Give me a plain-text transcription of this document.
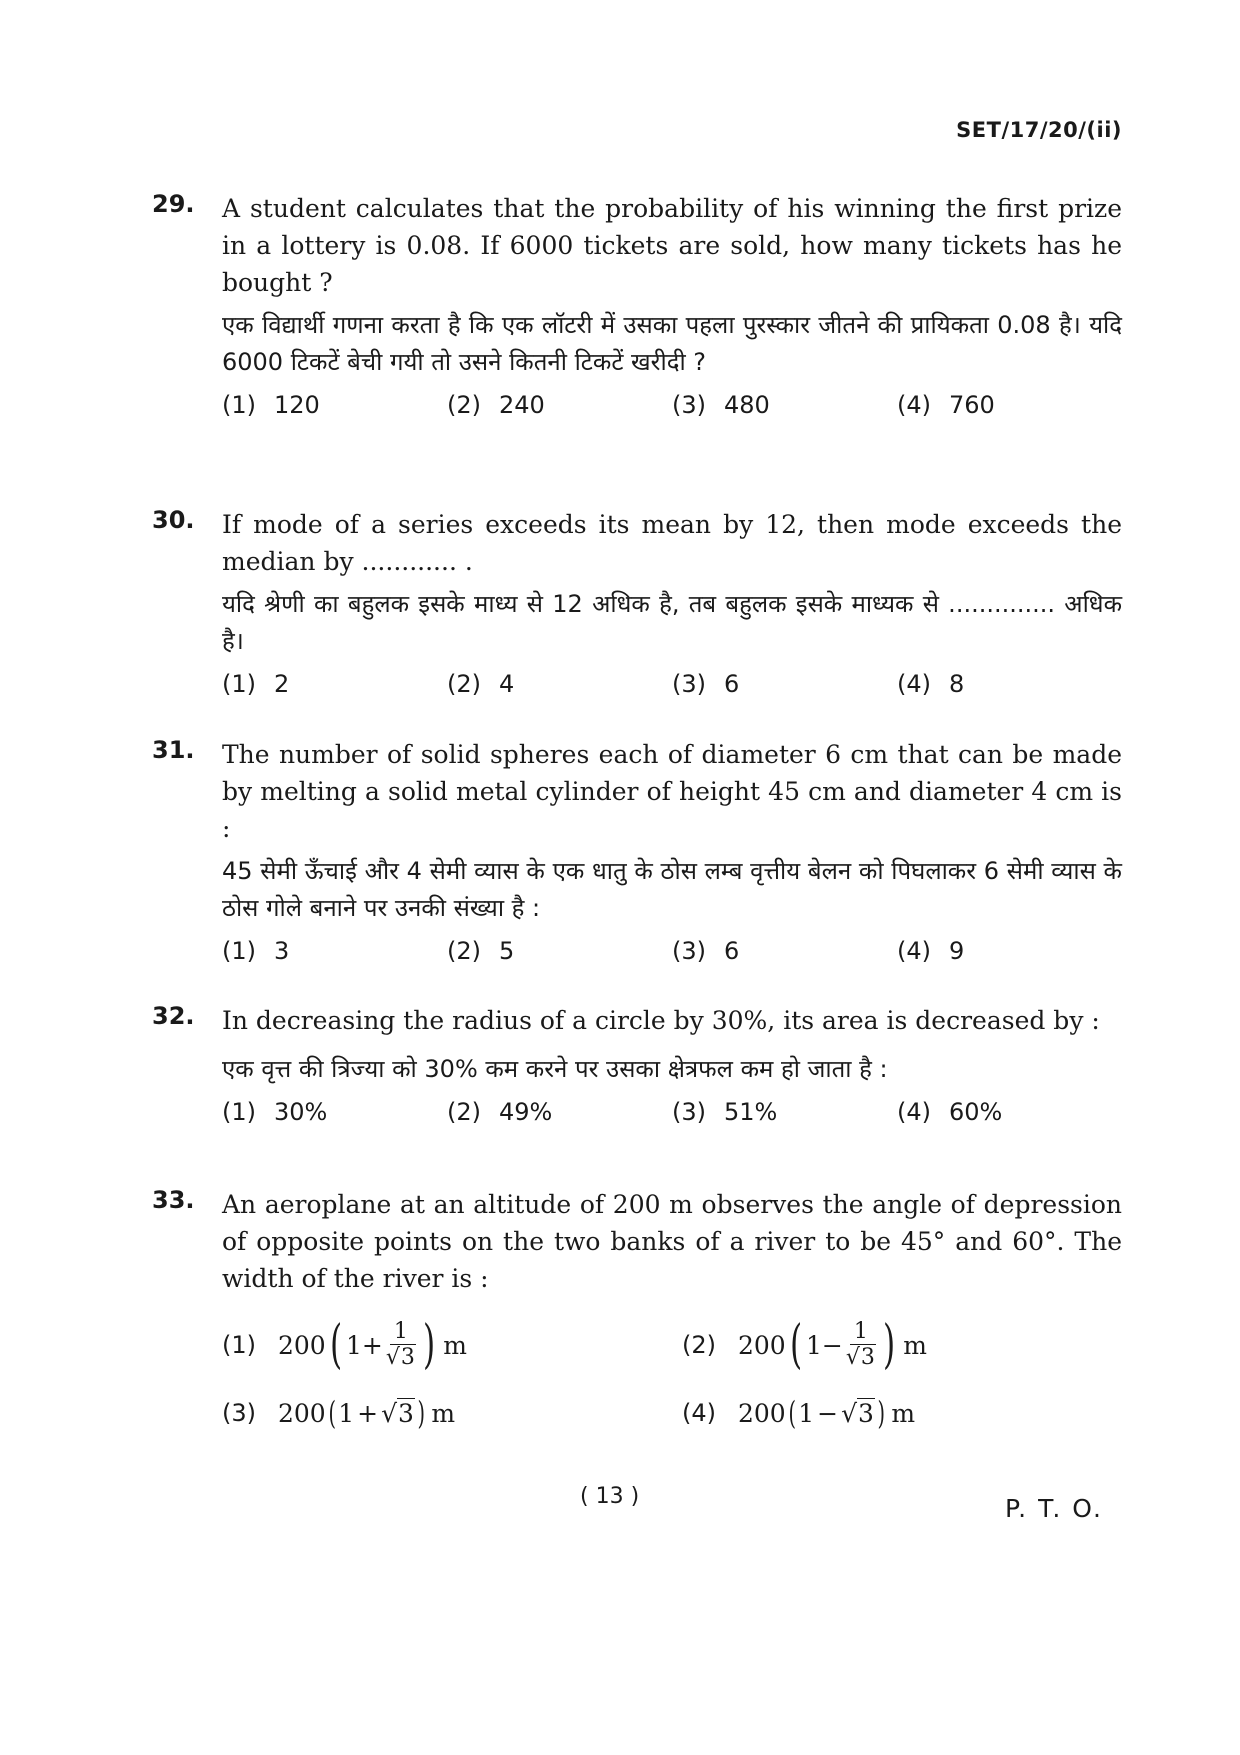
SET/17/20/(ii)
29. A student calculates that the probability of his winning the first prize in a lottery is 0.08. If 6000 tickets are sold, how many tickets has he bought ?
एक विद्यार्थी गणना करता है कि एक लॉटरी में उसका पहला पुरस्कार जीतने की प्रायिकता 0.08 है। यदि 6000 टिकटें बेची गयी तो उसने कितनी टिकटें खरीदी ?
(1) 120	(2) 240	(3) 480	(4) 760
30. If mode of a series exceeds its mean by 12, then mode exceeds the median by ............ .
यदि श्रेणी का बहुलक इसके माध्य से 12 अधिक है, तब बहुलक इसके माध्यक से .............. अधिक है।
(1) 2	(2) 4	(3) 6	(4) 8
31. The number of solid spheres each of diameter 6 cm that can be made by melting a solid metal cylinder of height 45 cm and diameter 4 cm is :
45 सेमी ऊँचाई और 4 सेमी व्यास के एक धातु के ठोस लम्ब वृत्तीय बेलन को पिघलाकर 6 सेमी व्यास के ठोस गोले बनाने पर उनकी संख्या है :
(1) 3	(2) 5	(3) 6	(4) 9
32. In decreasing the radius of a circle by 30%, its area is decreased by :
एक वृत्त की त्रिज्या को 30% कम करने पर उसका क्षेत्रफल कम हो जाता है :
(1) 30%	(2) 49%	(3) 51%	(4) 60%
33. An aeroplane at an altitude of 200 m observes the angle of depression of opposite points on the two banks of a river to be 45° and 60°. The width of the river is :
(1) 200 ( $1 + \frac{1}{√3}$ ) m	(2) 200 ( $1 - \frac{1}{√3}$ ) m
(3) 200 ( 1 + √3 ) m	(4) 200 ( 1 − √3 ) m
( 13 )	P. T. O.
